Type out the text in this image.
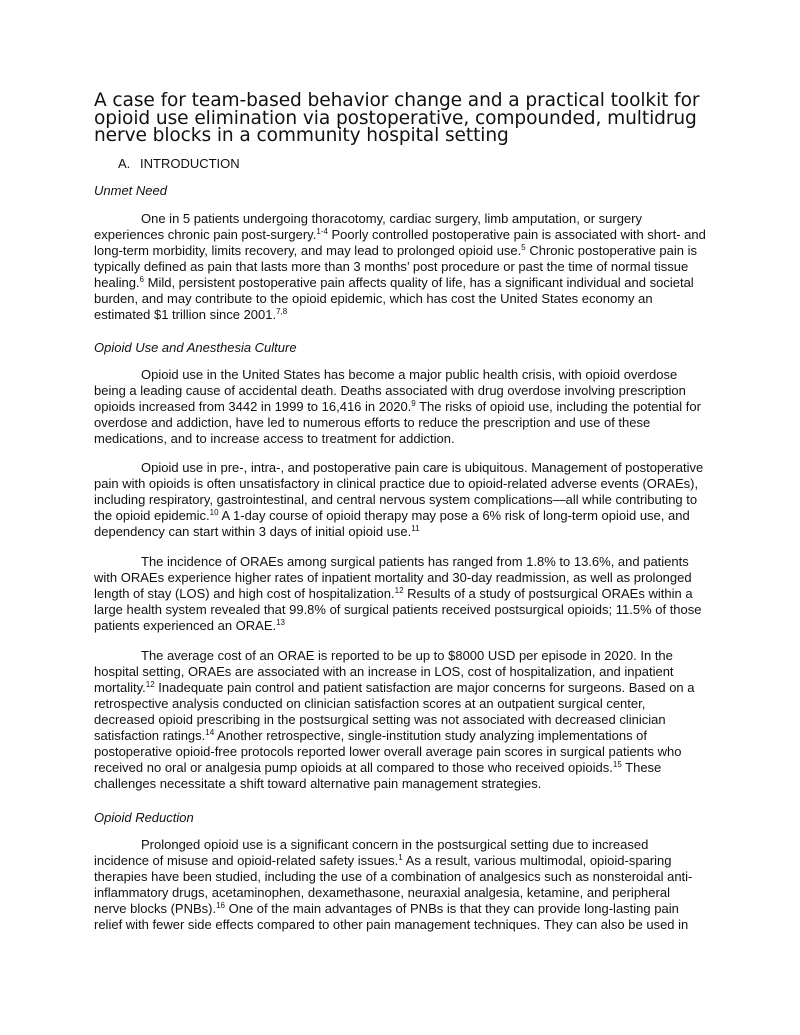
A case for team-based behavior change and a practical toolkit for opioid use elimination via postoperative, compounded, multidrug nerve blocks in a community hospital setting
A. INTRODUCTION
Unmet Need

One in 5 patients undergoing thoracotomy, cardiac surgery, limb amputation, or surgery experiences chronic pain post-surgery.$^{1-4}$ Poorly controlled postoperative pain is associated with short- and long-term morbidity, limits recovery, and may lead to prolonged opioid use.$^5$ Chronic postoperative pain is typically defined as pain that lasts more than 3 months’ post procedure or past the time of normal tissue healing.$^6$ Mild, persistent postoperative pain affects quality of life, has a significant individual and societal burden, and may contribute to the opioid epidemic, which has cost the United States economy an estimated $1 trillion since 2001.$^{7,8}$

Opioid Use and Anesthesia Culture

Opioid use in the United States has become a major public health crisis, with opioid overdose being a leading cause of accidental death. Deaths associated with drug overdose involving prescription opioids increased from 3442 in 1999 to 16,416 in 2020.$^9$ The risks of opioid use, including the potential for overdose and addiction, have led to numerous efforts to reduce the prescription and use of these medications, and to increase access to treatment for addiction.

Opioid use in pre-, intra-, and postoperative pain care is ubiquitous. Management of postoperative pain with opioids is often unsatisfactory in clinical practice due to opioid-related adverse events (ORAEs), including respiratory, gastrointestinal, and central nervous system complications—all while contributing to the opioid epidemic.$^{10}$ A 1-day course of opioid therapy may pose a 6% risk of long-term opioid use, and dependency can start within 3 days of initial opioid use.$^{11}$

The incidence of ORAEs among surgical patients has ranged from 1.8% to 13.6%, and patients with ORAEs experience higher rates of inpatient mortality and 30-day readmission, as well as prolonged length of stay (LOS) and high cost of hospitalization.$^{12}$ Results of a study of postsurgical ORAEs within a large health system revealed that 99.8% of surgical patients received postsurgical opioids; 11.5% of those patients experienced an ORAE.$^{13}$

The average cost of an ORAE is reported to be up to $8000 USD per episode in 2020. In the hospital setting, ORAEs are associated with an increase in LOS, cost of hospitalization, and inpatient mortality.$^{12}$ Inadequate pain control and patient satisfaction are major concerns for surgeons. Based on a retrospective analysis conducted on clinician satisfaction scores at an outpatient surgical center, decreased opioid prescribing in the postsurgical setting was not associated with decreased clinician satisfaction ratings.$^{14}$ Another retrospective, single-institution study analyzing implementations of postoperative opioid-free protocols reported lower overall average pain scores in surgical patients who received no oral or analgesia pump opioids at all compared to those who received opioids.$^{15}$ These challenges necessitate a shift toward alternative pain management strategies.

Opioid Reduction

Prolonged opioid use is a significant concern in the postsurgical setting due to increased incidence of misuse and opioid-related safety issues.$^1$ As a result, various multimodal, opioid-sparing therapies have been studied, including the use of a combination of analgesics such as nonsteroidal anti-inflammatory drugs, acetaminophen, dexamethasone, neuraxial analgesia, ketamine, and peripheral nerve blocks (PNBs).$^{16}$ One of the main advantages of PNBs is that they can provide long-lasting pain relief with fewer side effects compared to other pain management techniques. They can also be used in
